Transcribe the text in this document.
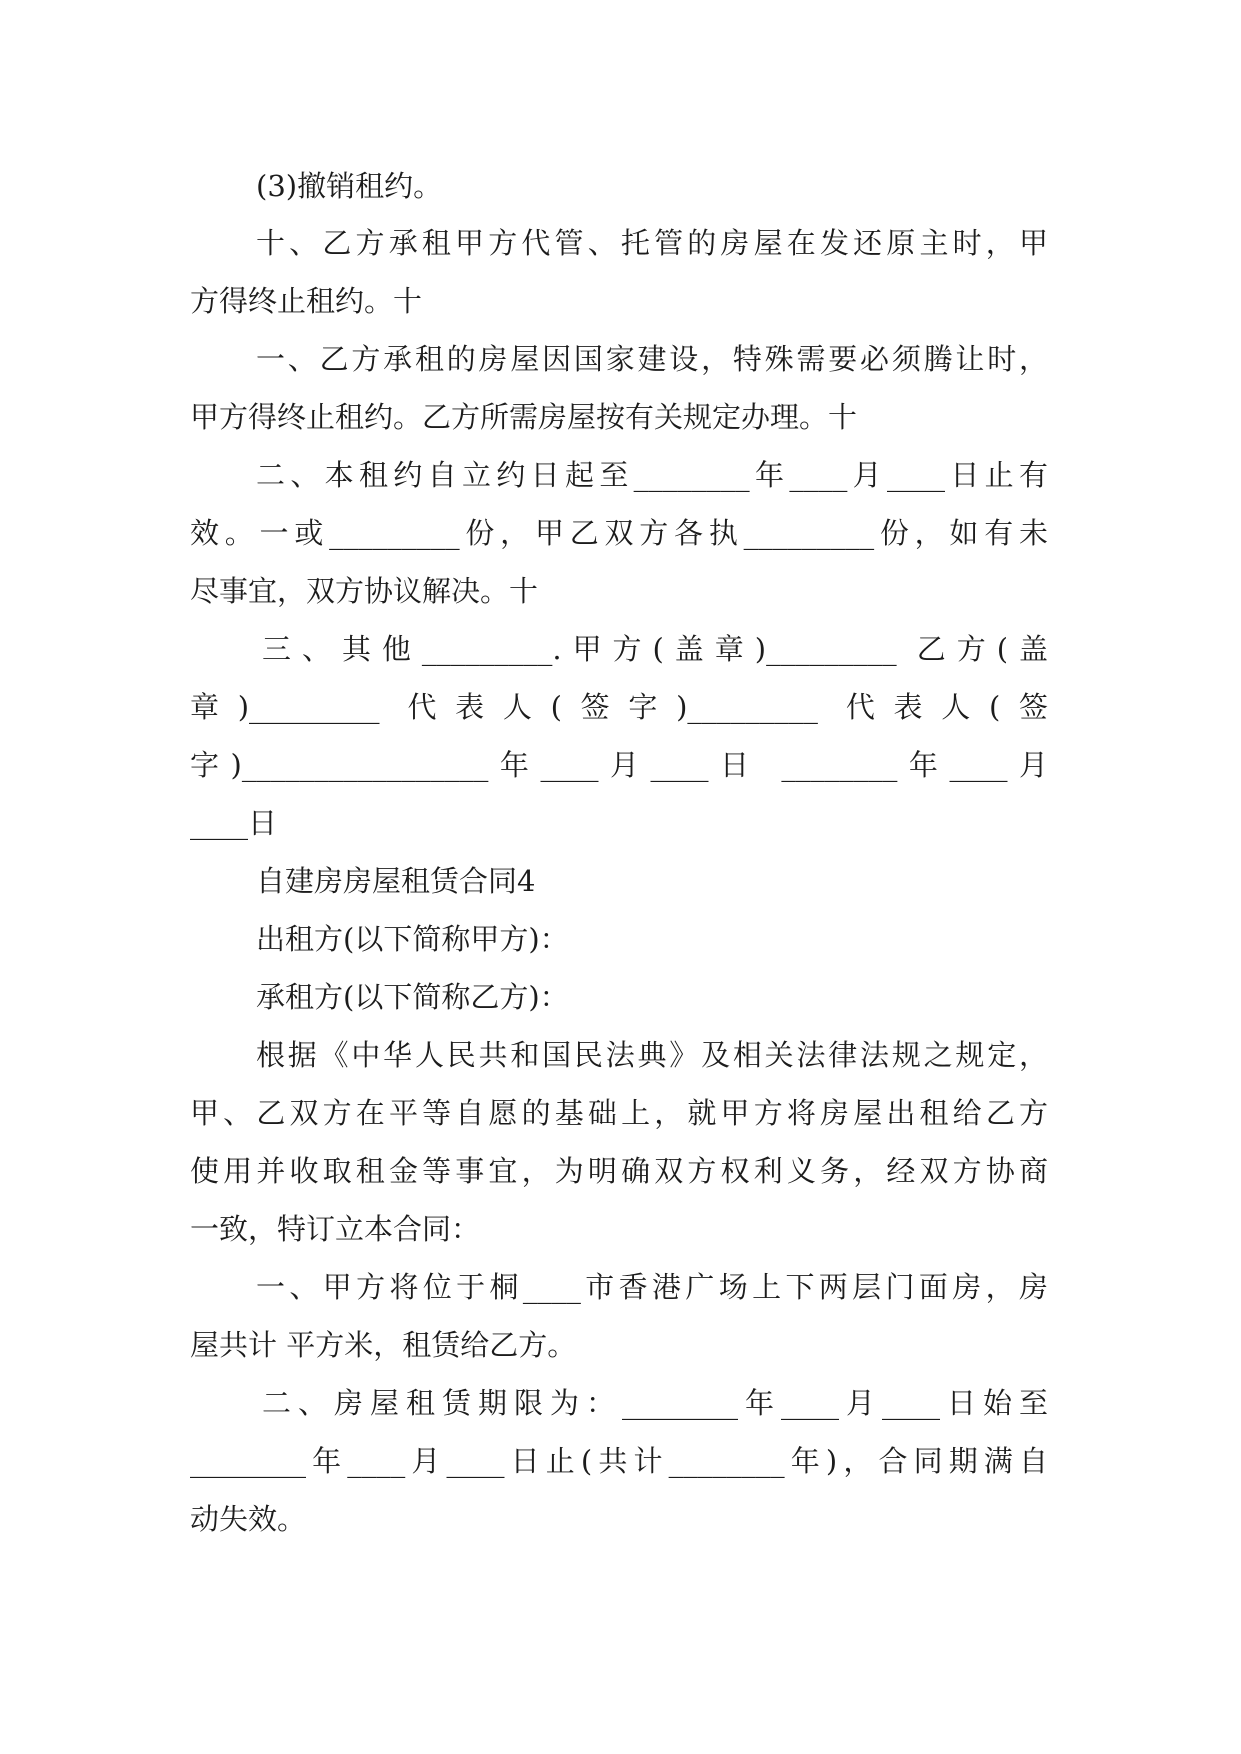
(3)撤销租约。
十、乙方承租甲方代管、托管的房屋在发还原主时，甲
方得终止租约。十
一、乙方承租的房屋因国家建设，特殊需要必须腾让时，
甲方得终止租约。乙方所需房屋按有关规定办理。十
二、本租约自立约日起至________年____月____日止有
效。一或_________份，甲乙双方各执_________份，如有未
尽事宜，双方协议解决。十
三、其他_________.甲方(盖章)_________ 乙方(盖
章)_________ 代表人(签字)_________ 代表人(签
字)_________________年____月____日 ________年____月
____日
自建房房屋租赁合同4
出租方(以下简称甲方)：
承租方(以下简称乙方)：
根据《中华人民共和国民法典》及相关法律法规之规定，
甲、乙双方在平等自愿的基础上，就甲方将房屋出租给乙方
使用并收取租金等事宜，为明确双方权利义务，经双方协商
一致，特订立本合同：
一、甲方将位于桐____市香港广场上下两层门面房，房
屋共计 平方米，租赁给乙方。
二、房屋租赁期限为：________年____月____日始至
________年____月____日止(共计________年)，合同期满自
动失效。
